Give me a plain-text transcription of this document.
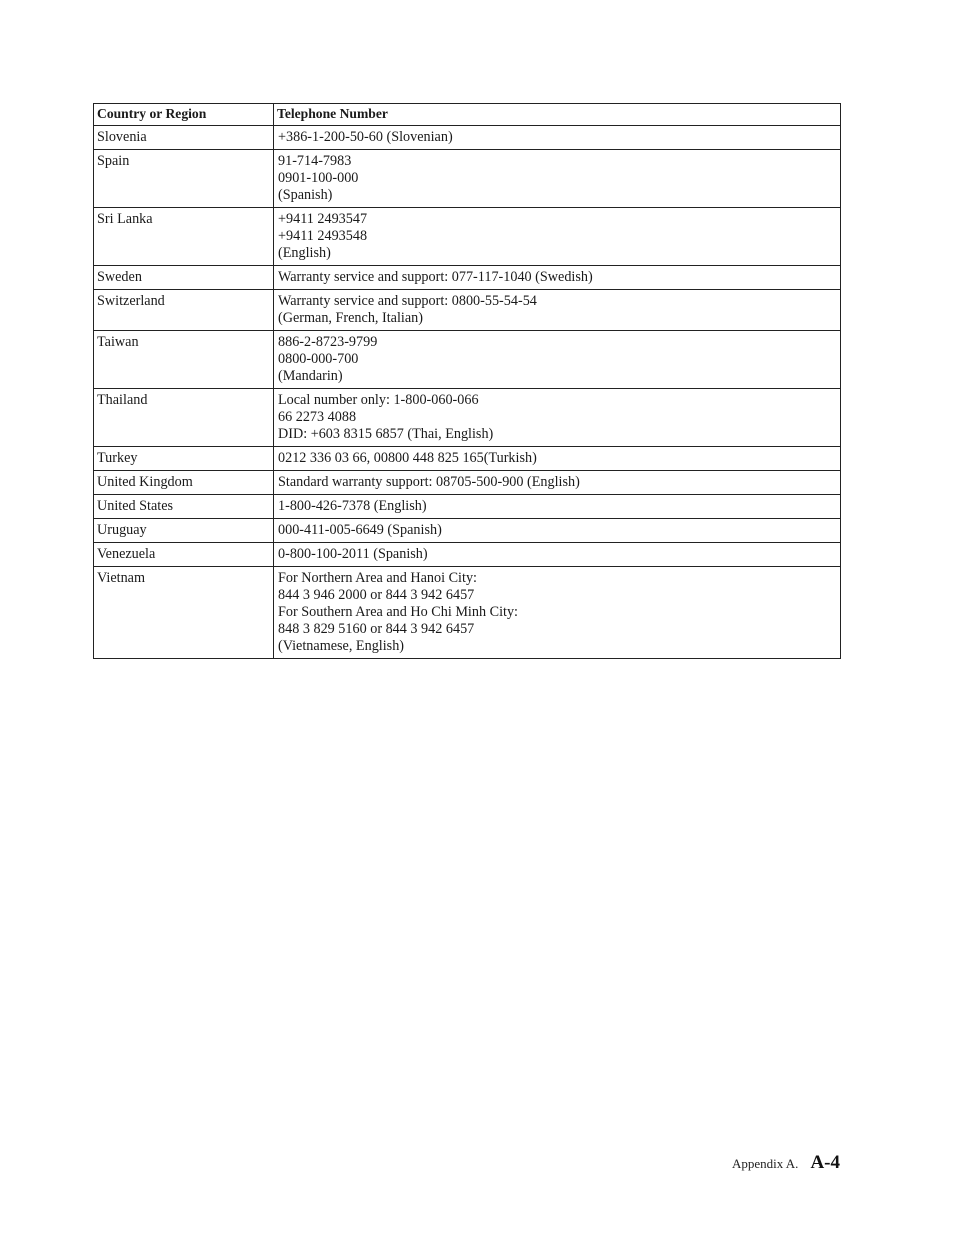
Country or Region	Telephone Number
Slovenia	+386-1-200-50-60 (Slovenian)

Spain	91-714-7983
0901-100-000
(Spanish)

Sri Lanka	+9411 2493547
+9411 2493548
(English)

Sweden	Warranty service and support: 077-117-1040 (Swedish)

Switzerland	Warranty service and support: 0800-55-54-54
(German, French, Italian)

Taiwan	886-2-8723-9799
0800-000-700
(Mandarin)

Thailand	Local number only: 1-800-060-066
66 2273 4088
DID: +603 8315 6857 (Thai, English)

Turkey	0212 336 03 66, 00800 448 825 165(Turkish)

United Kingdom	Standard warranty support: 08705-500-900 (English)

United States	1-800-426-7378 (English)

Uruguay	000-411-005-6649 (Spanish)

Venezuela	0-800-100-2011 (Spanish)

Vietnam	For Northern Area and Hanoi City:
844 3 946 2000 or 844 3 942 6457
For Southern Area and Ho Chi Minh City:
848 3 829 5160 or 844 3 942 6457
(Vietnamese, English)
Appendix A. A-4
